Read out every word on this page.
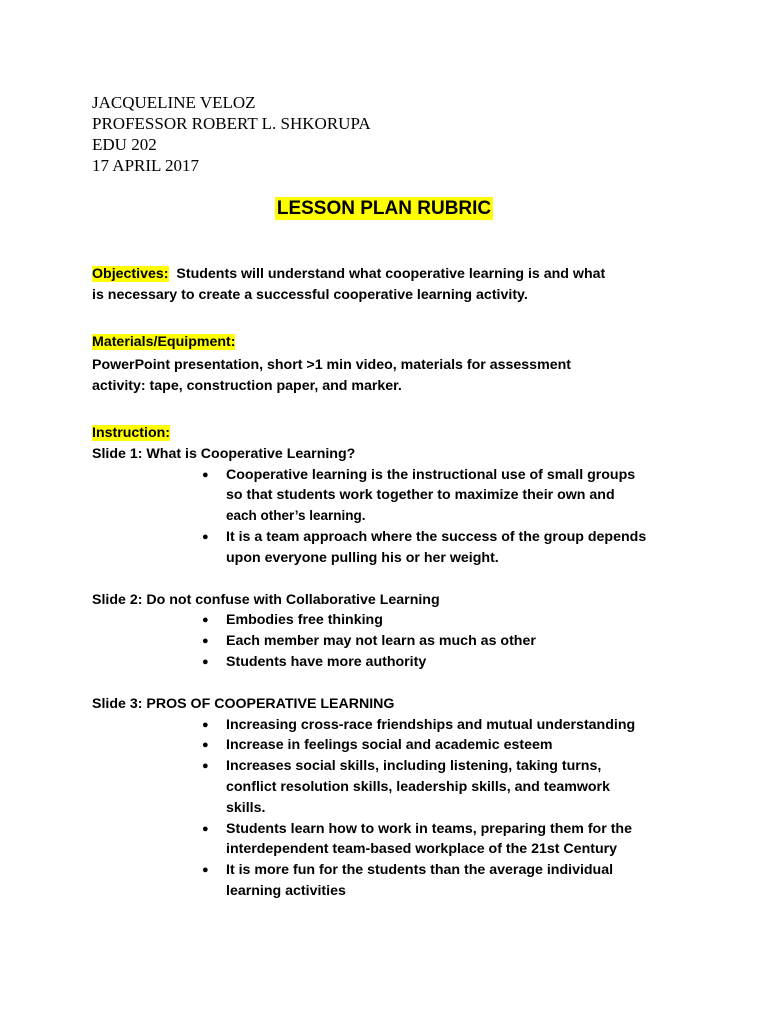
JACQUELINE VELOZ
PROFESSOR ROBERT L. SHKORUPA
EDU 202
17 APRIL 2017
LESSON PLAN RUBRIC
Objectives: Students will understand what cooperative learning is and what
is necessary to create a successful cooperative learning activity.
Materials/Equipment:
PowerPoint presentation, short >1 min video, materials for assessment
activity: tape, construction paper, and marker.
Instruction:
Slide 1: What is Cooperative Learning?
● Cooperative learning is the instructional use of small groups
so that students work together to maximize their own and
each other’s learning.
● It is a team approach where the success of the group depends
upon everyone pulling his or her weight.
Slide 2: Do not confuse with Collaborative Learning
● Embodies free thinking
● Each member may not learn as much as other
● Students have more authority
Slide 3: PROS OF COOPERATIVE LEARNING
● Increasing cross-race friendships and mutual understanding
● Increase in feelings social and academic esteem
● Increases social skills, including listening, taking turns,
conflict resolution skills, leadership skills, and teamwork
skills.
● Students learn how to work in teams, preparing them for the
interdependent team-based workplace of the 21st Century
● It is more fun for the students than the average individual
learning activities
